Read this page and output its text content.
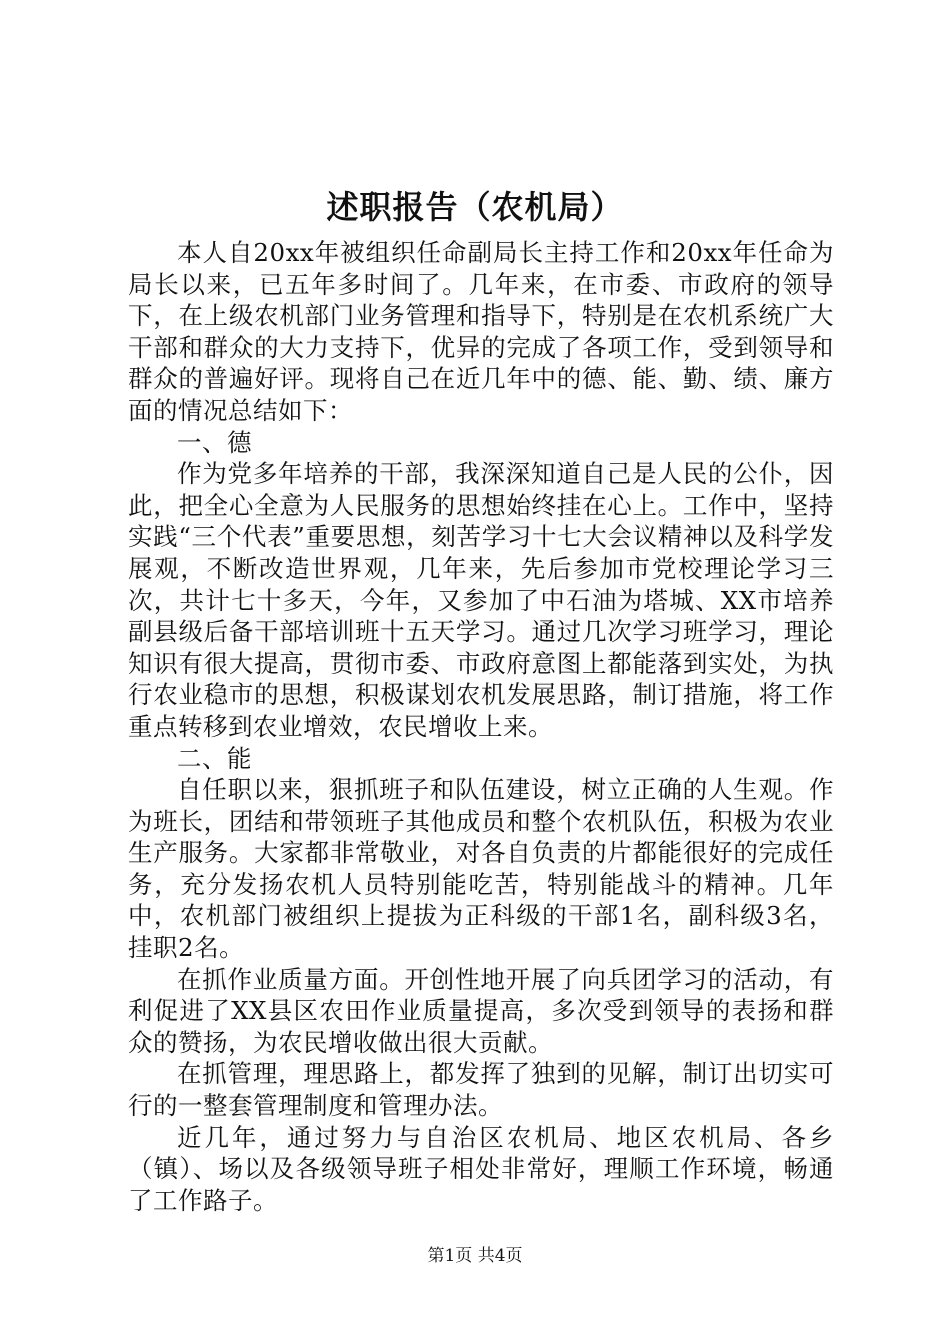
述职报告（农机局）

本人自20xx年被组织任命副局长主持工作和20xx年任命为局长以来，已五年多时间了。几年来，在市委、市政府的领导下，在上级农机部门业务管理和指导下，特别是在农机系统广大干部和群众的大力支持下，优异的完成了各项工作，受到领导和群众的普遍好评。现将自己在近几年中的德、能、勤、绩、廉方面的情况总结如下：

一、德

作为党多年培养的干部，我深深知道自己是人民的公仆，因此，把全心全意为人民服务的思想始终挂在心上。工作中，坚持实践“三个代表”重要思想，刻苦学习十七大会议精神以及科学发展观，不断改造世界观，几年来，先后参加市党校理论学习三次，共计七十多天，今年，又参加了中石油为塔城、XX市培养副县级后备干部培训班十五天学习。通过几次学习班学习，理论知识有很大提高，贯彻市委、市政府意图上都能落到实处，为执行农业稳市的思想，积极谋划农机发展思路，制订措施，将工作重点转移到农业增效，农民增收上来。

二、能

自任职以来，狠抓班子和队伍建设，树立正确的人生观。作为班长，团结和带领班子其他成员和整个农机队伍，积极为农业生产服务。大家都非常敬业，对各自负责的片都能很好的完成任务，充分发扬农机人员特别能吃苦，特别能战斗的精神。几年中，农机部门被组织上提拔为正科级的干部1名，副科级3名，挂职2名。

在抓作业质量方面。开创性地开展了向兵团学习的活动，有利促进了XX县区农田作业质量提高，多次受到领导的表扬和群众的赞扬，为农民增收做出很大贡献。

在抓管理，理思路上，都发挥了独到的见解，制订出切实可行的一整套管理制度和管理办法。

近几年，通过努力与自治区农机局、地区农机局、各乡（镇）、场以及各级领导班子相处非常好，理顺工作环境，畅通了工作路子。

第1页 共4页
